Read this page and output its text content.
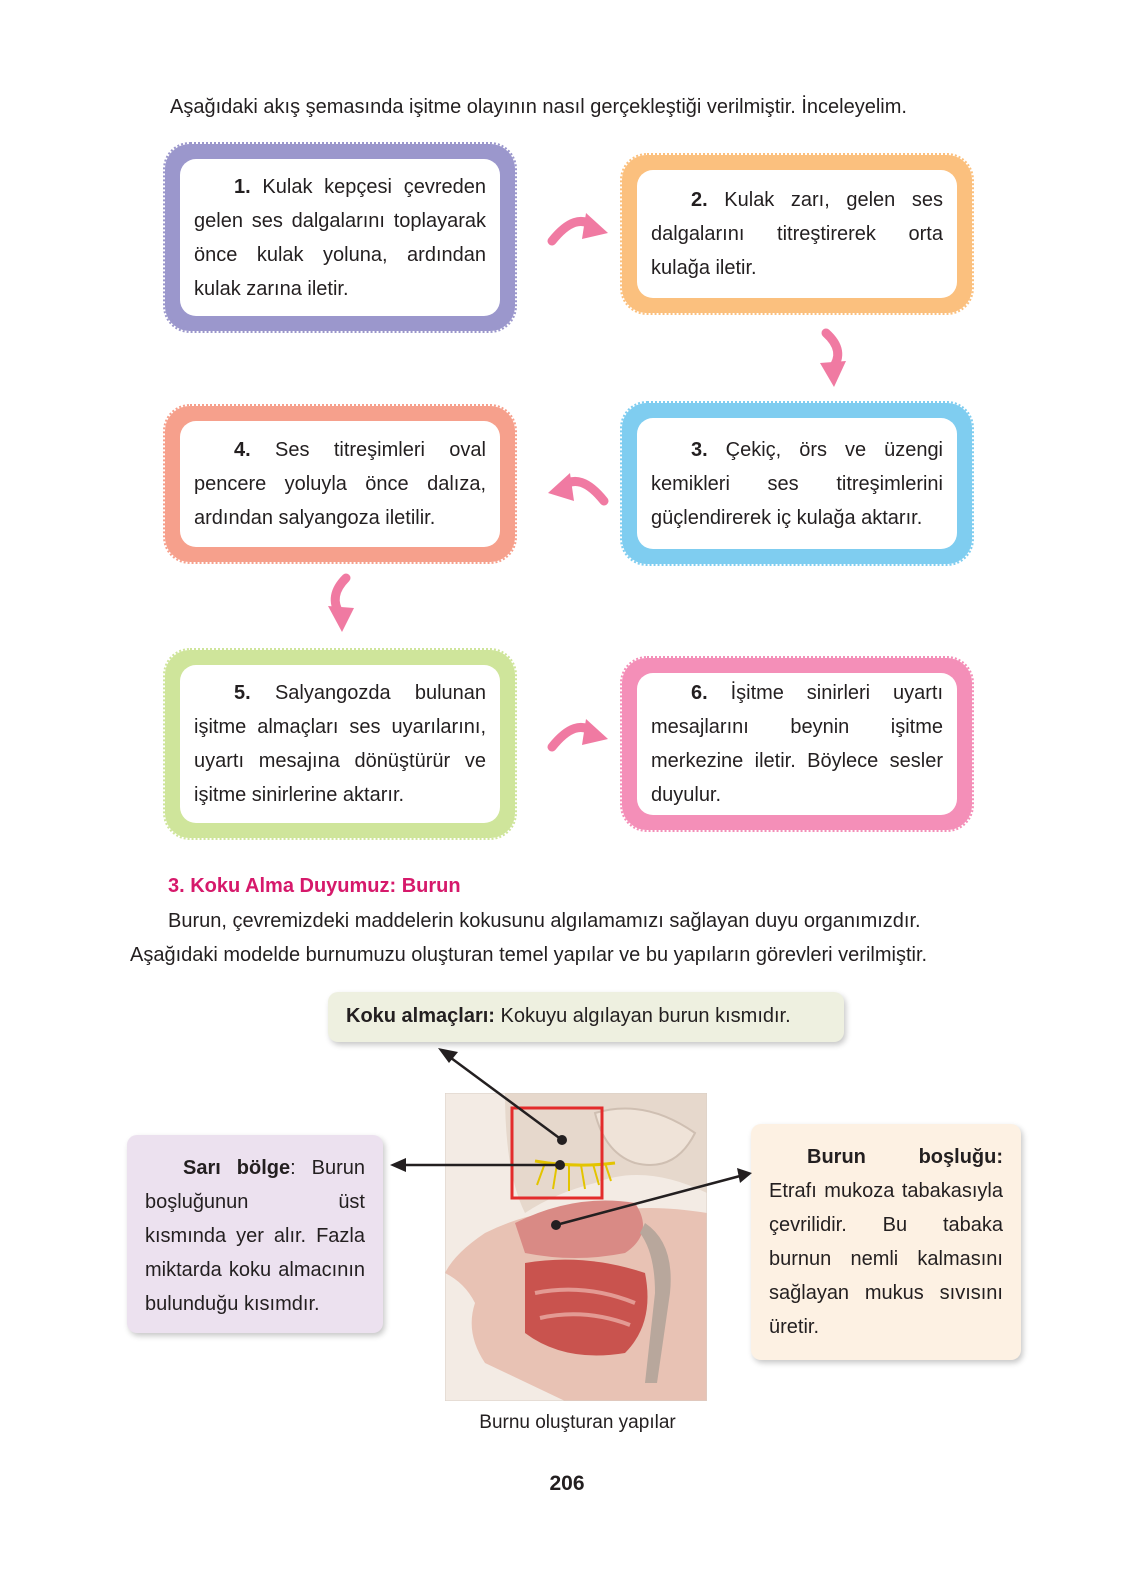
Aşağıdaki akış şemasında işitme olayının nasıl gerçekleştiği verilmiştir. İnceleyelim.

1. Kulak kepçesi çevreden gelen ses dalgalarını toplayarak önce kulak yoluna, ardından kulak zarına iletir.

2. Kulak zarı, gelen ses dalgalarını titreştirerek orta kulağa iletir.

4. Ses titreşimleri oval pencere yoluyla önce dalıza, ardından salyangoza iletilir.

3. Çekiç, örs ve üzengi kemikleri ses titreşimlerini güçlendirerek iç kulağa aktarır.

5. Salyangozda bulunan işitme almaçları ses uyarılarını, uyartı mesajına dönüştürür ve işitme sinirlerine aktarır.

6. İşitme sinirleri uyartı mesajlarını beynin işitme merkezine iletir. Böylece sesler duyulur.

3. Koku Alma Duyumuz: Burun

Burun, çevremizdeki maddelerin kokusunu algılamamızı sağlayan duyu organımızdır.
Aşağıdaki modelde burnumuzu oluşturan temel yapılar ve bu yapıların görevleri verilmiştir.

Koku almaçları: Kokuyu algılayan burun kısmıdır.

Sarı bölge: Burun boşluğunun üst kısmında yer alır. Fazla miktarda koku almacının bulunduğu kısımdır.

Burun boşluğu: Etrafı mukoza tabakasıyla çevrilidir. Bu tabaka burnun nemli kalmasını sağlayan mukus sıvısını üretir.

Burnu oluşturan yapılar

206
